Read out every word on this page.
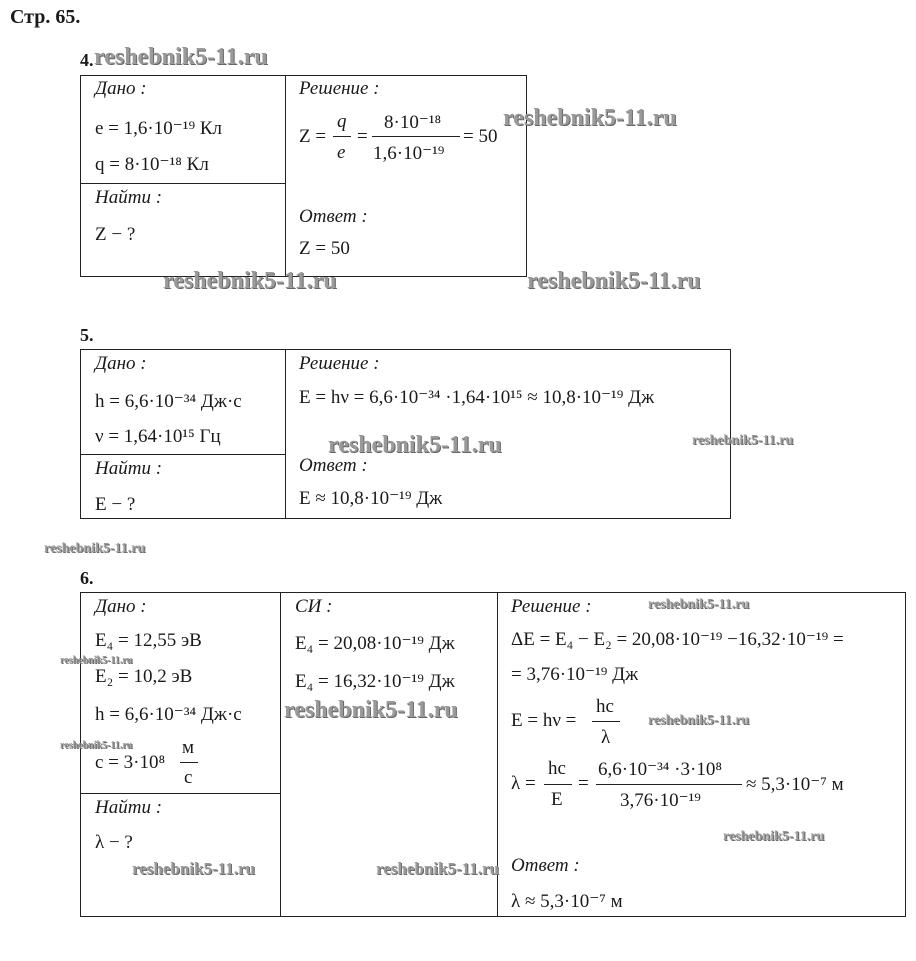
Стр. 65.
4. reshebnik5-11.ru
Дано :
e = 1,6·10⁻¹⁹ Кл
q = 8·10⁻¹⁸ Кл
Найти :
Z − ?
Решение :
Z =
q
e
=
8·10⁻¹⁸
1,6·10⁻¹⁹
= 50
Ответ :
Z = 50
reshebnik5-11.ru
reshebnik5-11.ru	reshebnik5-11.ru
5.
Дано :
h = 6,6·10⁻³⁴ Дж·с
ν = 1,64·10¹⁵ Гц
Найти :
E − ?
Решение :
E = hν = 6,6·10⁻³⁴ ·1,64·10¹⁵ ≈ 10,8·10⁻¹⁹ Дж
Ответ :
E ≈ 10,8·10⁻¹⁹ Дж
reshebnik5-11.ru	reshebnik5-11.ru
reshebnik5-11.ru
6.
Дано :
E₄ = 12,55 эВ
E₂ = 10,2 эВ
h = 6,6·10⁻³⁴ Дж·с
c = 3·10⁸
м
с
Найти :
λ − ?
СИ :
E₄ = 20,08·10⁻¹⁹ Дж
E₄ = 16,32·10⁻¹⁹ Дж
Решение :
ΔE = E₄ − E₂ = 20,08·10⁻¹⁹ −16,32·10⁻¹⁹ =
= 3,76·10⁻¹⁹ Дж
E = hν =
hc
λ
λ =
hc
E
=
6,6·10⁻³⁴ ·3·10⁸
3,76·10⁻¹⁹
≈ 5,3·10⁻⁷ м
Ответ :
λ ≈ 5,3·10⁻⁷ м
reshebnik5-11.ru
reshebnik5-11.ru
reshebnik5-11.ru	reshebnik5-11.ru
reshebnik5-11.ru
reshebnik5-11.ru
reshebnik5-11.ru	reshebnik5-11.ru
